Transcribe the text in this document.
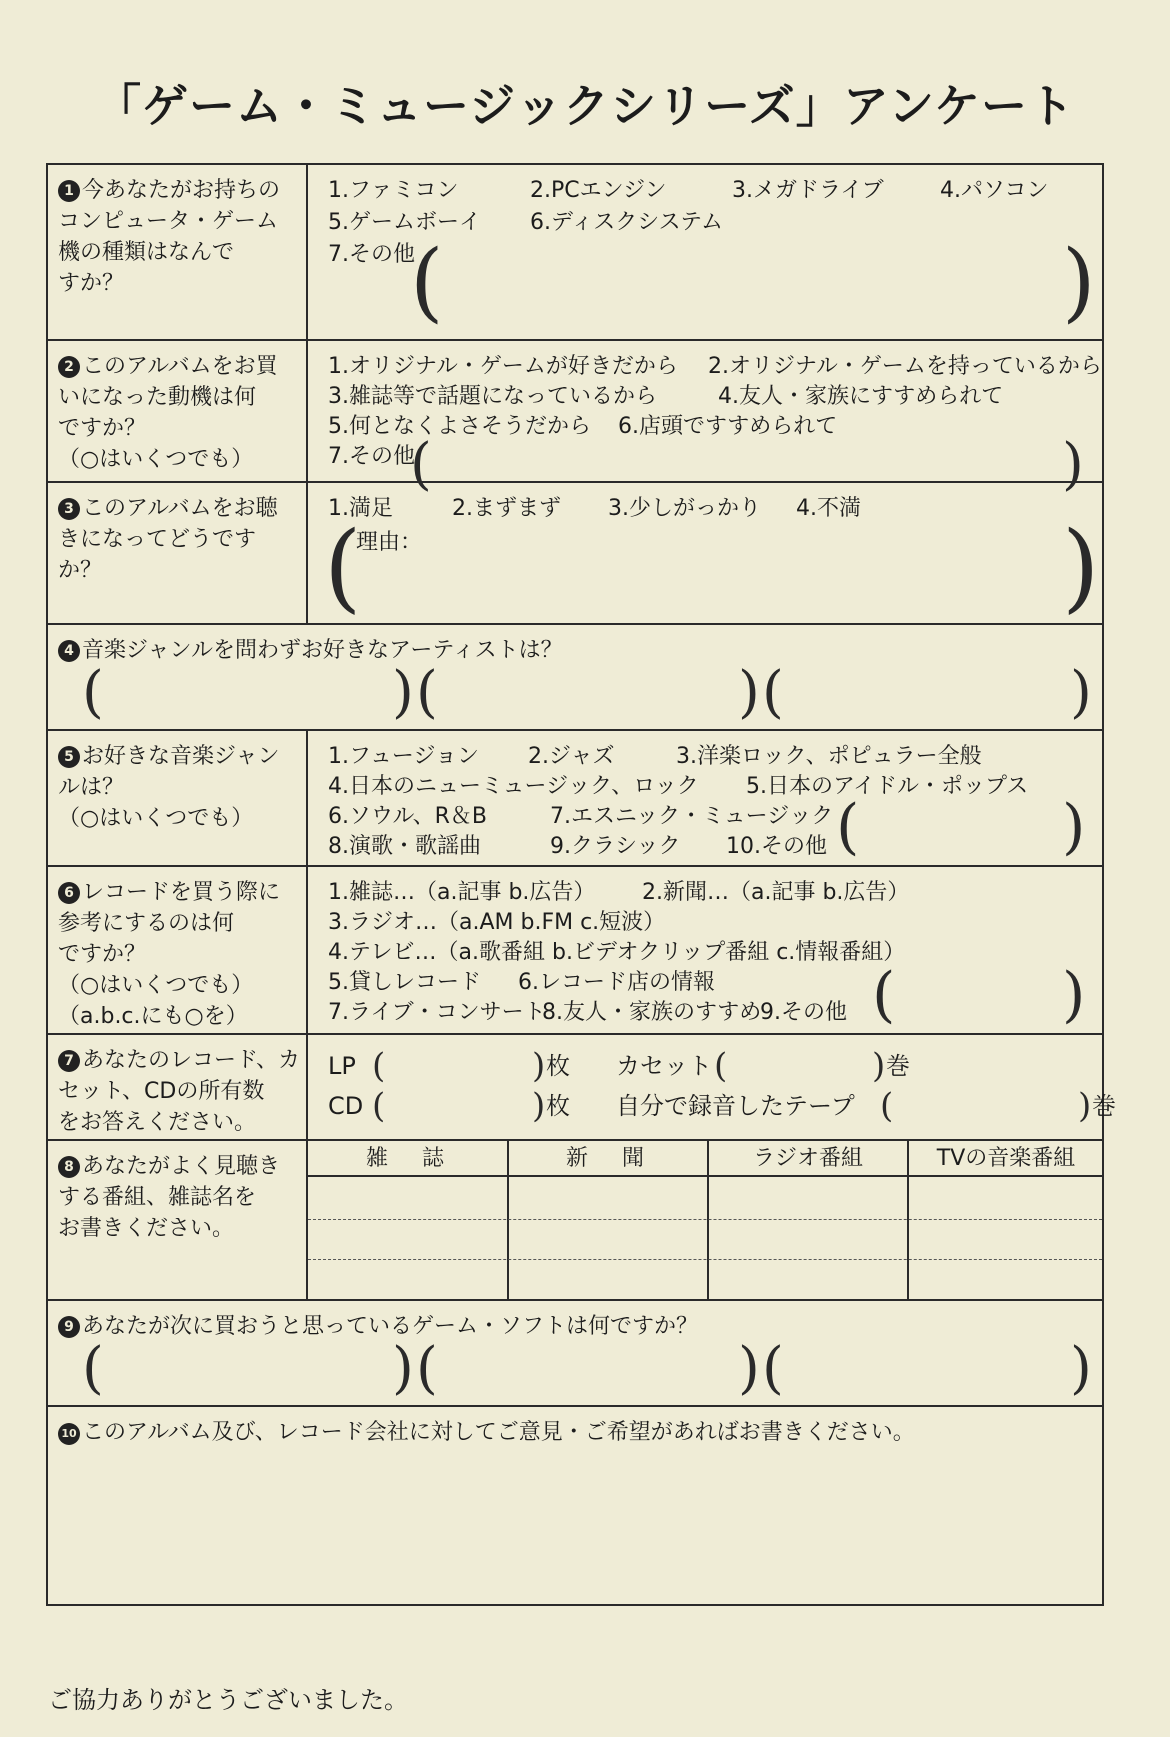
「ゲーム・ミュージックシリーズ」アンケート
1 今あなたがお持ちの
コンピュータ・ゲーム
機の種類はなんで
すか？
1.ファミコン	2.PCエンジン	3.メガドライブ	4.パソコン
5.ゲームボーイ 6.ディスクシステム
7.その他
(	)
2 このアルバムをお買
いになった動機は何
ですか？
（○はいくつでも）
1.オリジナル・ゲームが好きだから 2.オリジナル・ゲームを持っているから
3.雑誌等で話題になっているから	4.友人・家族にすすめられて
5.何となくよさそうだから 6.店頭ですすめられて
7.その他
(	)
3 このアルバムをお聴
きになってどうです
か？
1.満足	2.まずまず 3.少しがっかり 4.不満
(
理由：	)
4 音楽ジャンルを問わずお好きなアーティストは？
(	) (	) (	)
5 お好きな音楽ジャン
ルは？
（○はいくつでも）
1.フュージョン 2.ジャズ	3.洋楽ロック、ポピュラー全般
4.日本のニューミュージック、ロック 5.日本のアイドル・ポップス
6.ソウル、R＆B	7.エスニック・ミュージック
8.演歌・歌謡曲	9.クラシック 10.その他 (	)
6 レコードを買う際に
参考にするのは何
ですか？
（○はいくつでも）
（a.b.c.にも○を）
1.雑誌…（a.記事 b.広告） 2.新聞…（a.記事 b.広告）
3.ラジオ…（a.AM b.FM c.短波）
4.テレビ…（a.歌番組 b.ビデオクリップ番組 c.情報番組）
5.貸しレコード 6.レコード店の情報
7.ライブ・コンサート
8.友人・家族のすすめ
9.その他 (	)
7 あなたのレコード、カ
セット、CDの所有数
をお答えください。
LP (	) 枚 カセット (	) 巻
CD (	) 枚 自分で録音したテープ (	) 巻
8 あなたがよく見聴き
する番組、雑誌名を
お書きください。
雑　誌	新　聞	ラジオ番組	TVの音楽番組
9 あなたが次に買おうと思っているゲーム・ソフトは何ですか？
(	) (	) (	)
10 このアルバム及び、レコード会社に対してご意見・ご希望があればお書きください。
ご協力ありがとうございました。
